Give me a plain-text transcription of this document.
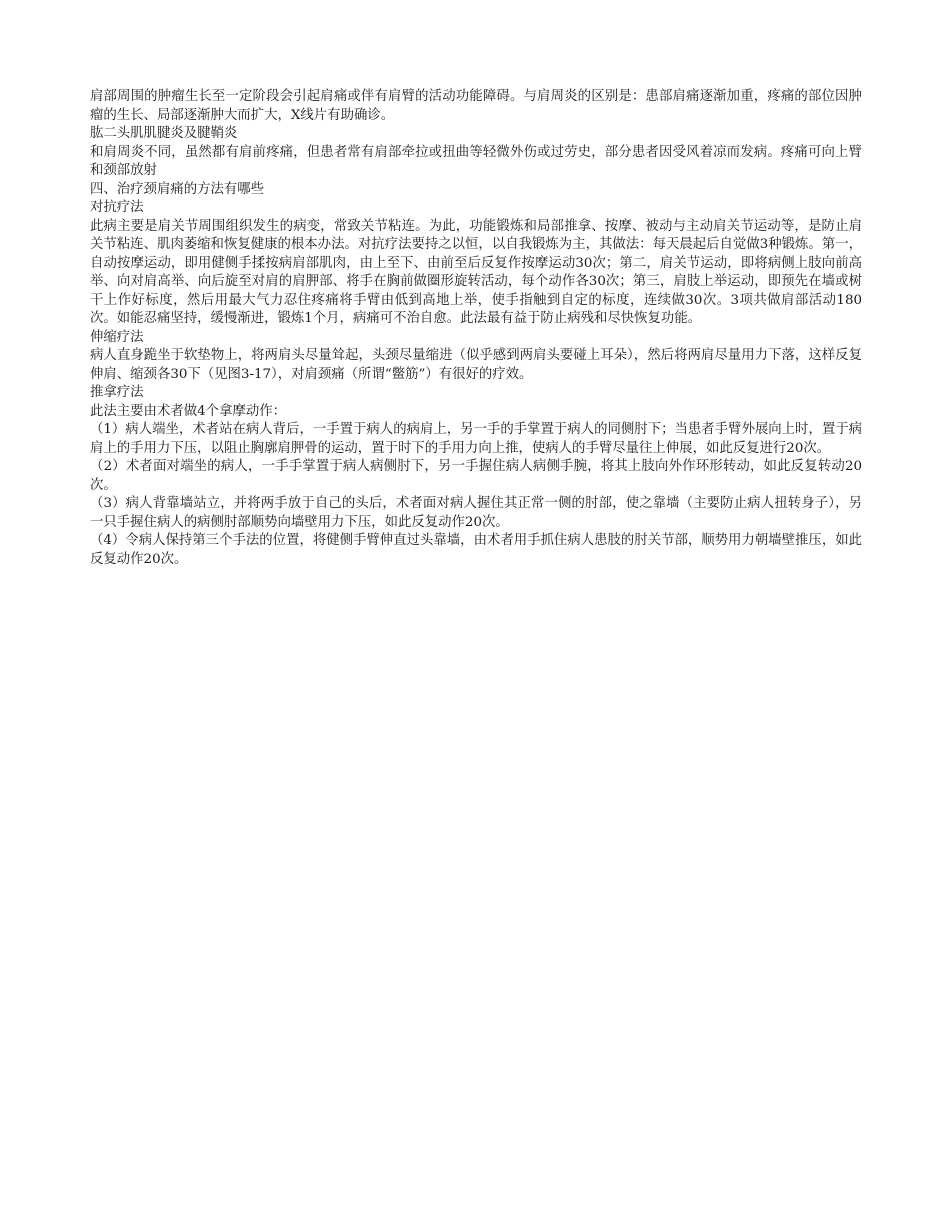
肩部周围的肿瘤生长至一定阶段会引起肩痛或伴有肩臂的活动功能障碍。与肩周炎的区别是：患部肩痛逐渐加重，疼痛的部位因肿瘤的生长、局部逐渐肿大而扩大，X线片有助确诊。

肱二头肌肌腱炎及腱鞘炎

和肩周炎不同，虽然都有肩前疼痛，但患者常有肩部牵拉或扭曲等轻微外伤或过劳史，部分患者因受风着凉而发病。疼痛可向上臂和颈部放射

四、治疗颈肩痛的方法有哪些

对抗疗法

此病主要是肩关节周围组织发生的病变，常致关节粘连。为此，功能锻炼和局部推拿、按摩、被动与主动肩关节运动等，是防止肩关节粘连、肌肉萎缩和恢复健康的根本办法。对抗疗法要持之以恒，以自我锻炼为主，其做法：每天晨起后自觉做3种锻炼。第一，自动按摩运动，即用健侧手揉按病肩部肌肉，由上至下、由前至后反复作按摩运动30次；第二，肩关节运动，即将病侧上肢向前高举、向对肩高举、向后旋至对肩的肩胛部、将手在胸前做圈形旋转活动，每个动作各30次；第三，肩肢上举运动，即预先在墙或树干上作好标度，然后用最大气力忍住疼痛将手臂由低到高地上举，使手指触到自定的标度，连续做30次。3项共做肩部活动180次。如能忍痛坚持，缓慢渐进，锻炼1个月，病痛可不治自愈。此法最有益于防止病残和尽快恢复功能。

伸缩疗法

病人直身跪坐于软垫物上，将两肩头尽量耸起，头颈尽量缩进（似乎感到两肩头要碰上耳朵），然后将两肩尽量用力下落，这样反复伸肩、缩颈各30下（见图3-17），对肩颈痛（所谓“鳖筋”）有很好的疗效。

推拿疗法

此法主要由术者做4个拿摩动作：

（1）病人端坐，术者站在病人背后，一手置于病人的病肩上，另一手的手掌置于病人的同侧肘下；当患者手臂外展向上时，置于病肩上的手用力下压，以阻止胸廓肩胛骨的运动，置于时下的手用力向上推，使病人的手臂尽量往上伸展，如此反复进行20次。

（2）术者面对端坐的病人，一手手掌置于病人病侧肘下，另一手握住病人病侧手腕，将其上肢向外作环形转动，如此反复转动20次。

（3）病人背靠墙站立，并将两手放于自己的头后，术者面对病人握住其正常一侧的肘部，使之靠墙（主要防止病人扭转身子），另一只手握住病人的病侧肘部顺势向墙壁用力下压，如此反复动作20次。

（4）令病人保持第三个手法的位置，将健侧手臂伸直过头靠墙，由术者用手抓住病人患肢的肘关节部，顺势用力朝墙壁推压，如此反复动作20次。
